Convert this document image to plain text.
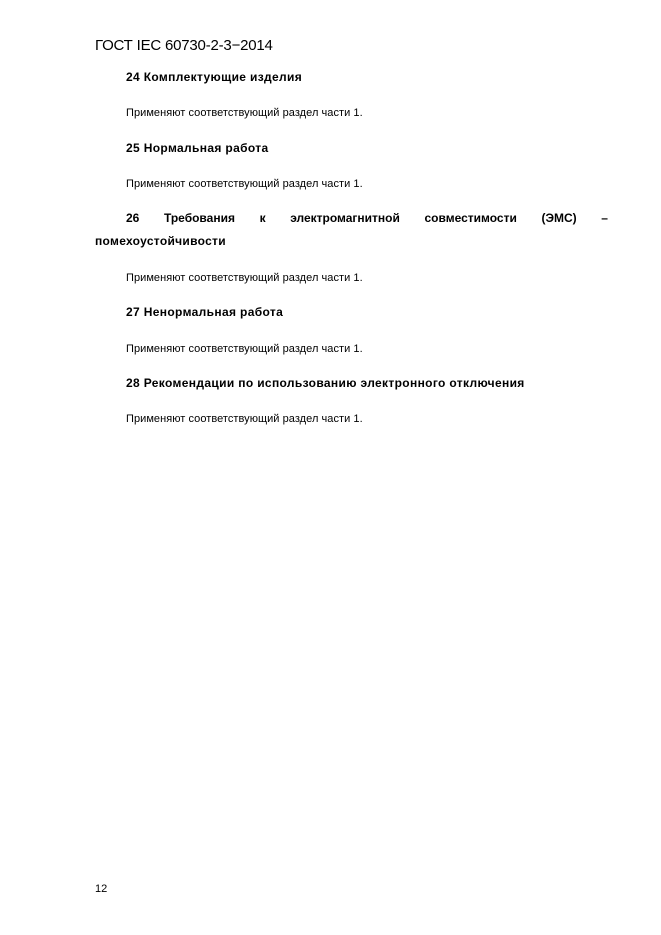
ГОСТ IEC 60730-2-3−2014
24 Комплектующие изделия
Применяют соответствующий раздел части 1.
25 Нормальная работа
Применяют соответствующий раздел части 1.
26 Требования к электромагнитной совместимости (ЭМС) –
помехоустойчивости
Применяют соответствующий раздел части 1.
27 Ненормальная работа
Применяют соответствующий раздел части 1.
28 Рекомендации по использованию электронного отключения
Применяют соответствующий раздел части 1.
12
